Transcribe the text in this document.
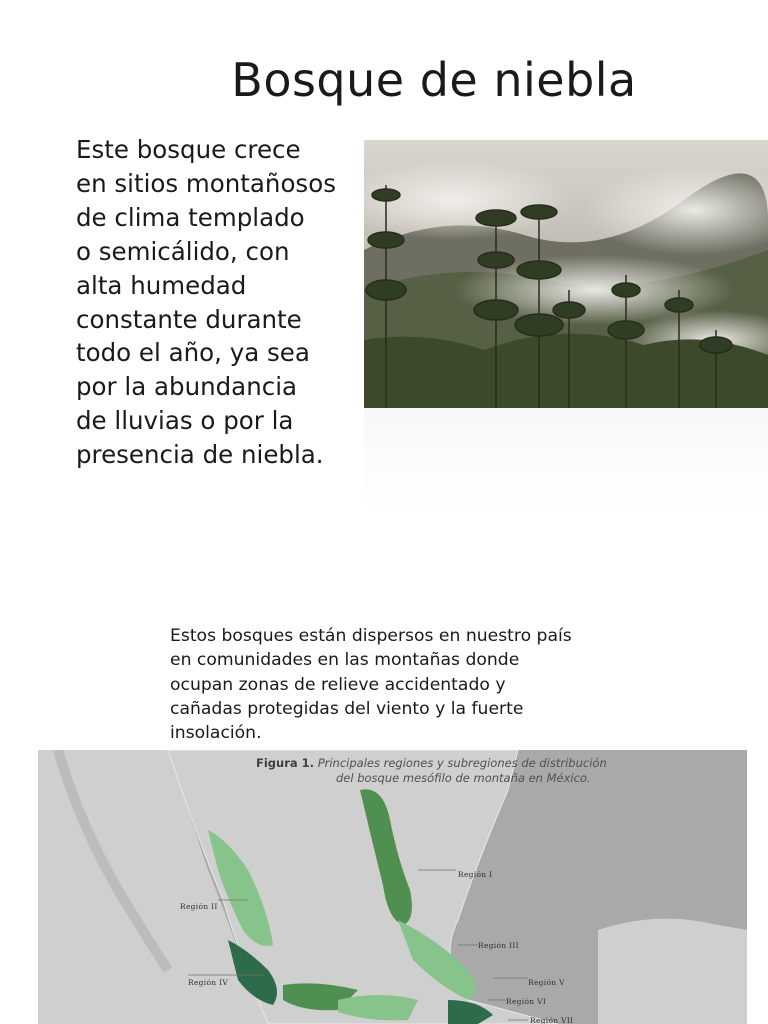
Bosque de niebla
Este bosque crece
en sitios montañosos
de clima templado
o semicálido, con
alta humedad
constante durante
todo el año, ya sea
por la abundancia
de lluvias o por la
presencia de niebla.
Estos bosques están dispersos en nuestro país
en comunidades en las montañas donde
ocupan zonas de relieve accidentado y
cañadas protegidas del viento y la fuerte
insolación.
Figura 1. Principales regiones y subregiones de distribución
del bosque mesófilo de montaña en México.
Región I
Región II
Región III
Región IV	Región V
Región VI
Región VII
